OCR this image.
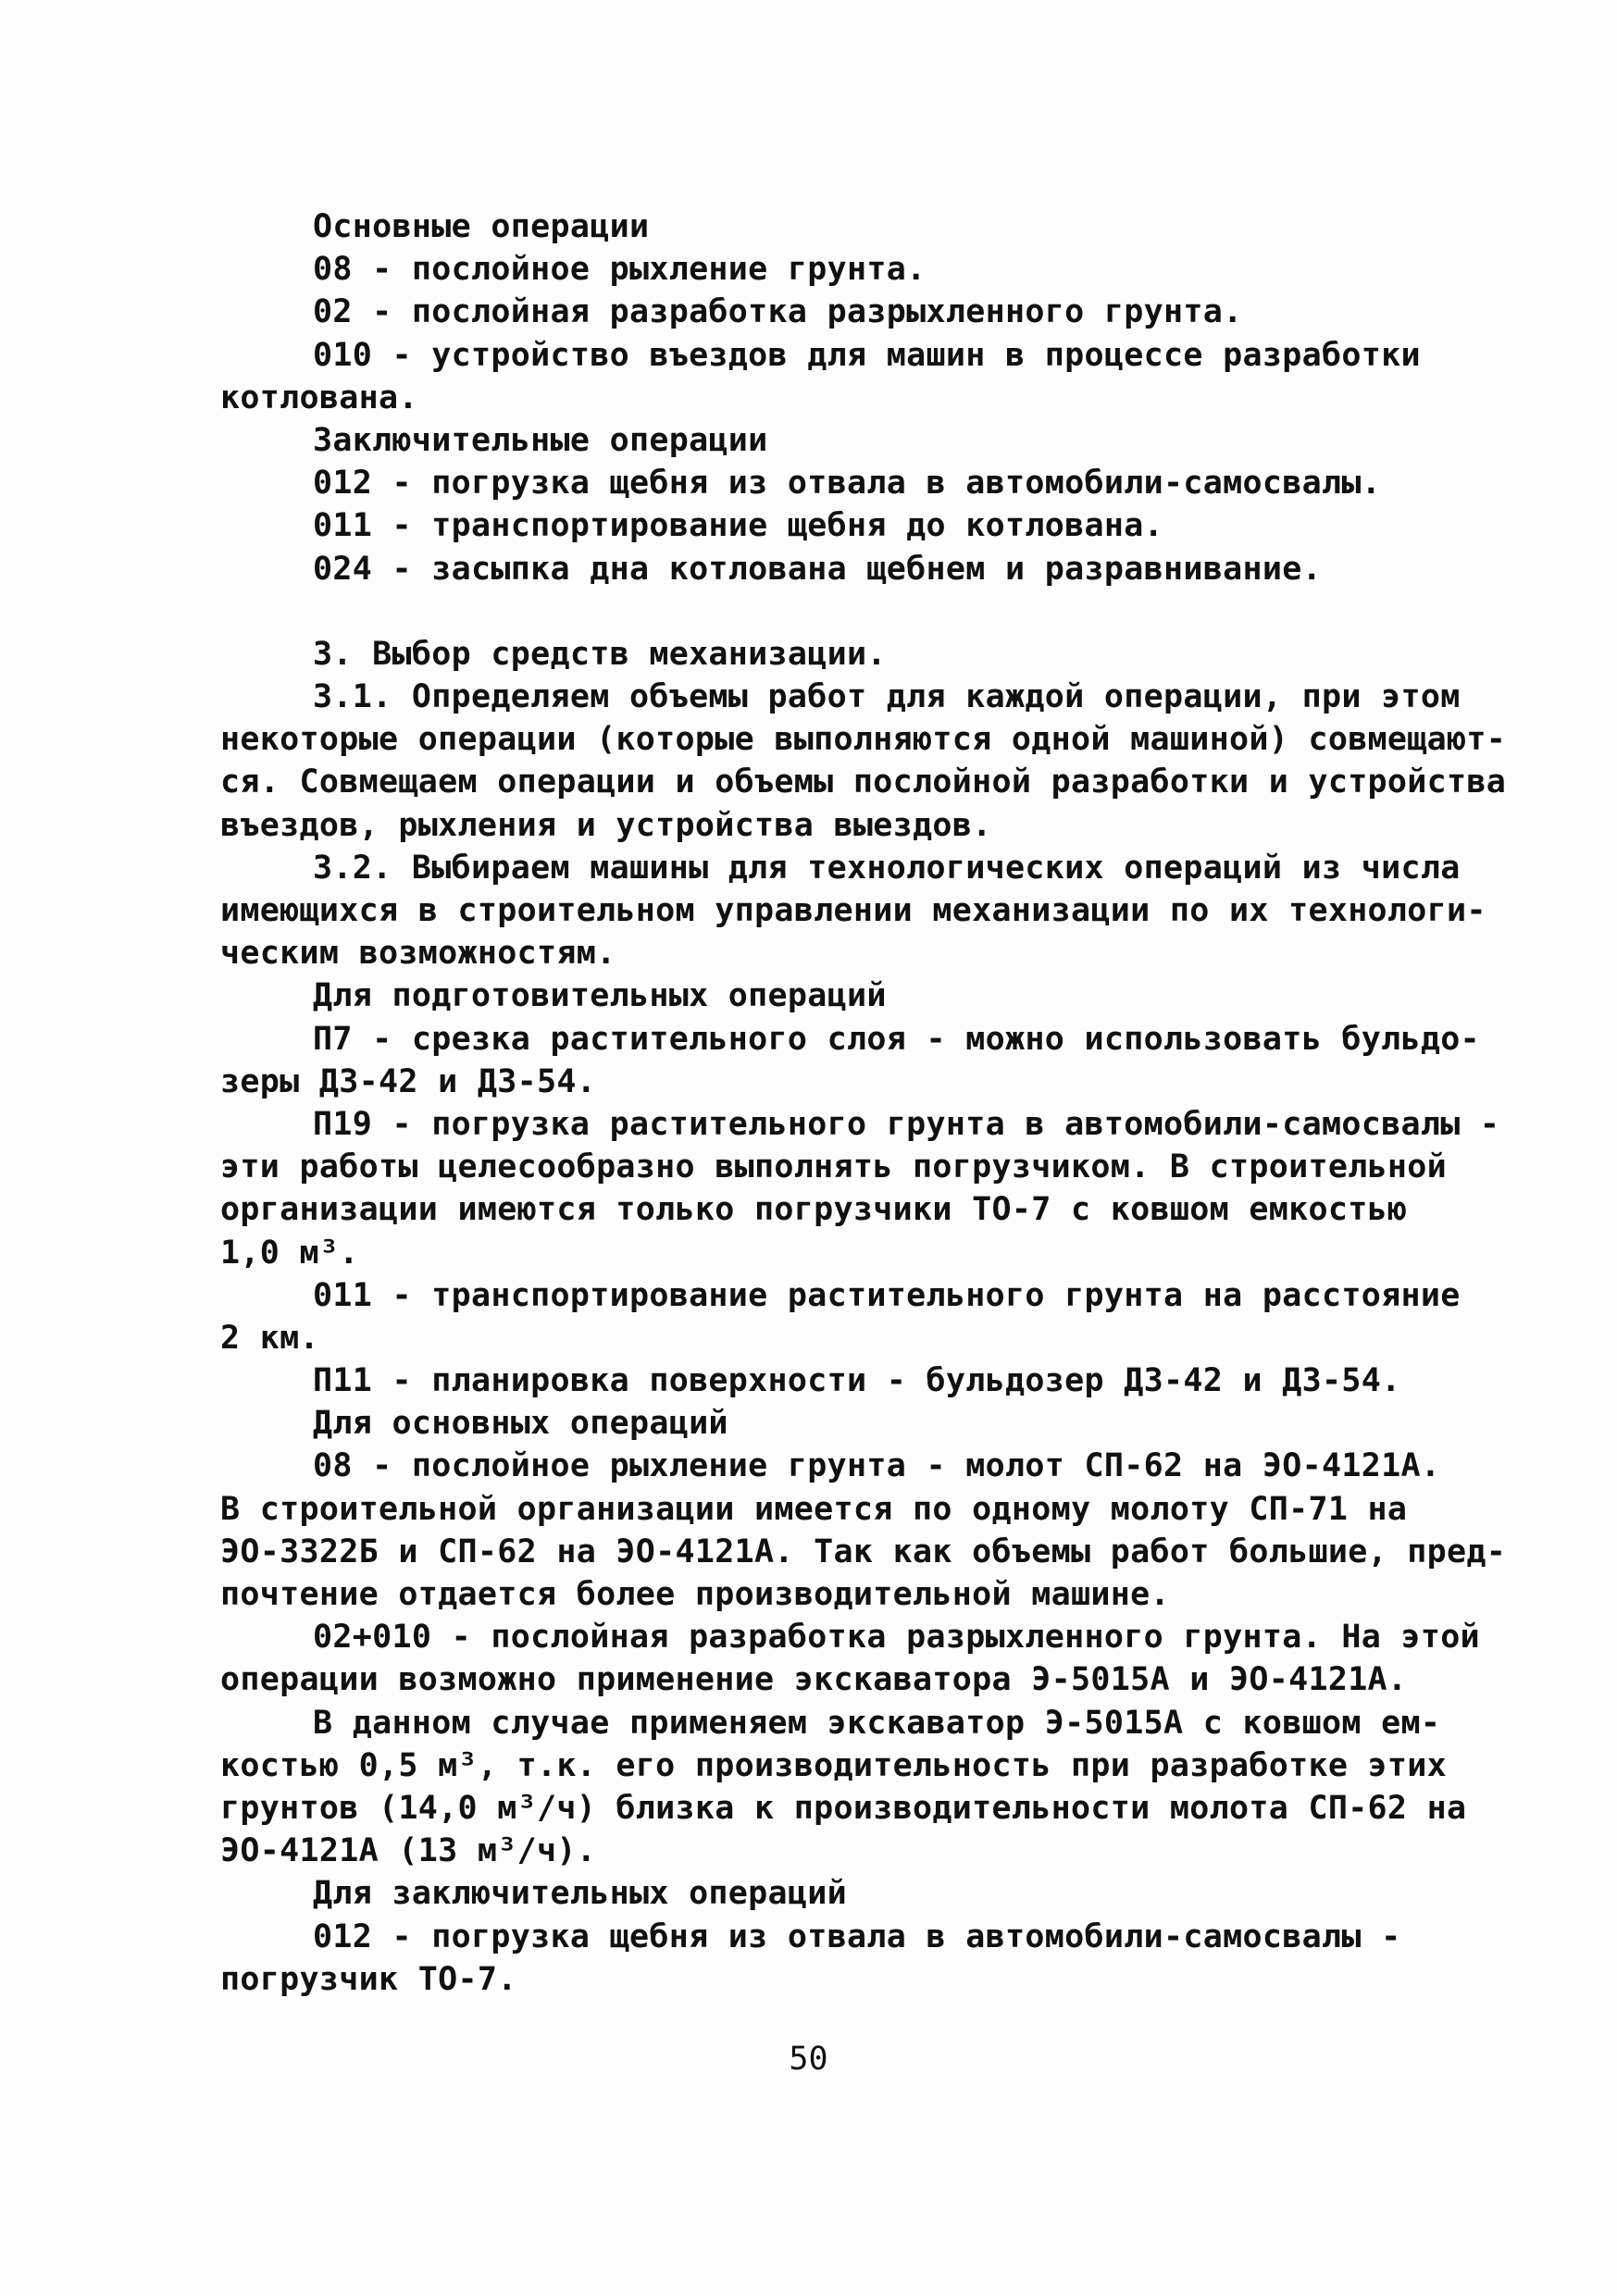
Основные операции
08 - послойное рыхление грунта.
02 - послойная разработка разрыхленного грунта.
010 - устройство въездов для машин в процессе разработки
котлована.
Заключительные операции
012 - погрузка щебня из отвала в автомобили-самосвалы.
011 - транспортирование щебня до котлована.
024 - засыпка дна котлована щебнем и разравнивание.
3. Выбор средств механизации.
3.1. Определяем объемы работ для каждой операции, при этом
некоторые операции (которые выполняются одной машиной) совмещают-
ся. Совмещаем операции и объемы послойной разработки и устройства
въездов, рыхления и устройства выездов.
3.2. Выбираем машины для технологических операций из числа
имеющихся в строительном управлении механизации по их технологи-
ческим возможностям.
Для подготовительных операций
П7 - срезка растительного слоя - можно использовать бульдо-
зеры ДЗ-42 и ДЗ-54.
П19 - погрузка растительного грунта в автомобили-самосвалы -
эти работы целесообразно выполнять погрузчиком. В строительной
организации имеются только погрузчики ТО-7 с ковшом емкостью
1,0 м³.
011 - транспортирование растительного грунта на расстояние
2 км.
П11 - планировка поверхности - бульдозер ДЗ-42 и ДЗ-54.
Для основных операций
08 - послойное рыхление грунта - молот СП-62 на ЭО-4121А.
В строительной организации имеется по одному молоту СП-71 на
ЭО-3322Б и СП-62 на ЭО-4121А. Так как объемы работ большие, пред-
почтение отдается более производительной машине.
02+010 - послойная разработка разрыхленного грунта. На этой
операции возможно применение экскаватора Э-5015А и ЭО-4121А.
В данном случае применяем экскаватор Э-5015А с ковшом ем-
костью 0,5 м³, т.к. его производительность при разработке этих
грунтов (14,0 м³/ч) близка к производительности молота СП-62 на
ЭО-4121А (13 м³/ч).
Для заключительных операций
012 - погрузка щебня из отвала в автомобили-самосвалы -
погрузчик ТО-7.
50
